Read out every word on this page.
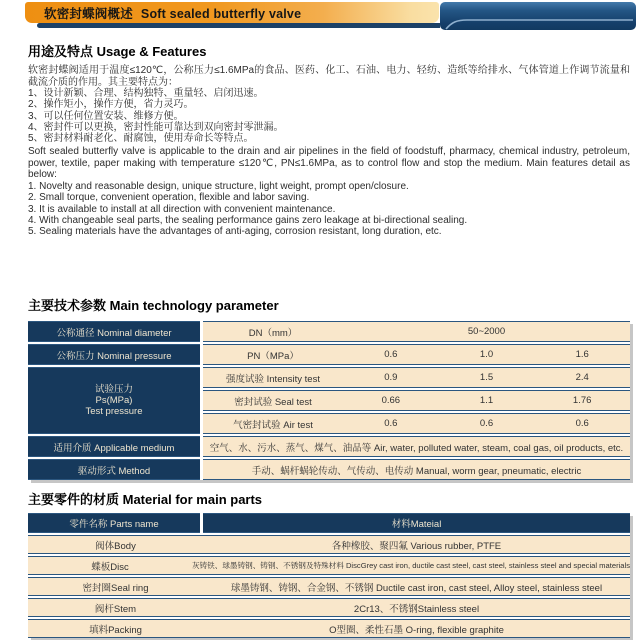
软密封蝶阀概述 Soft sealed butterfly valve
用途及特点 Usage & Features

软密封蝶阀适用于温度≤120℃，公称压力≤1.6MPa的食品、医药、化工、石油、电力、轻纺、造纸等给排水、气体管道上作调节流量和截流介质的作用。其主要特点为：

1、设计新颖、合理、结构独特、重量轻、启闭迅速。
2、操作矩小，操作方便，省力灵巧。
3、可以任何位置安装、维修方便。
4、密封件可以更换，密封性能可靠达到双向密封零泄漏。
5、密封材料耐老化、耐腐蚀，使用寿命长等特点。

Soft sealed butterfly valve is applicable to the drain and air pipelines in the field of foodstuff, pharmacy, chemical industry, petroleum, power, textile, paper making with temperature ≤120℃, PN≤1.6MPa, as to control flow and stop the medium. Main features detail as below:

1. Novelty and reasonable design, unique structure, light weight, prompt open/closure.
2. Small torque, convenient operation, flexible and labor saving.
3. It is available to install at all direction with convenient maintenance.
4. With changeable seal parts, the sealing performance gains zero leakage at bi-directional sealing.
5. Sealing materials have the advantages of anti-aging, corrosion resistant, long duration, etc.
主要技术参数 Main technology parameter
公称通径 Nominal diameter	DN（mm）	50~2000
公称压力 Nominal pressure	PN（MPa）	0.6	1.0	1.6
试验压力
Ps(MPa)
Test pressure
强度试验 Intensity test	0.9	1.5	2.4
密封试验 Seal test	0.66	1.1	1.76
气密封试验 Air test	0.6	0.6	0.6
适用介质 Applicable medium	空气、水、污水、蒸气、煤气、油品等 Air, water, polluted water, steam, coal gas, oil products, etc.
驱动形式 Method	手动、蜗杆蜗轮传动、气传动、电传动 Manual, worm gear, pneumatic, electric
主要零件的材质 Material for main parts
零件名称 Parts name	材料Mateial
阀体Body	各种橡胶、聚四氟 Various rubber, PTFE
蝶板Disc	灰铸铁、球墨铸钢、铸钢、不锈钢及特殊材料 DiscGrey cast iron, ductile cast steel, cast steel, stainless steel and special materials
密封圈Seal ring	球墨铸钢、铸钢、合金钢、不锈钢 Ductile cast iron, cast steel, Alloy steel, stainless steel
阀杆Stem	2Cr13、不锈钢Stainless steel
填料Packing	O型圈、柔性石墨 O-ring, flexible graphite
